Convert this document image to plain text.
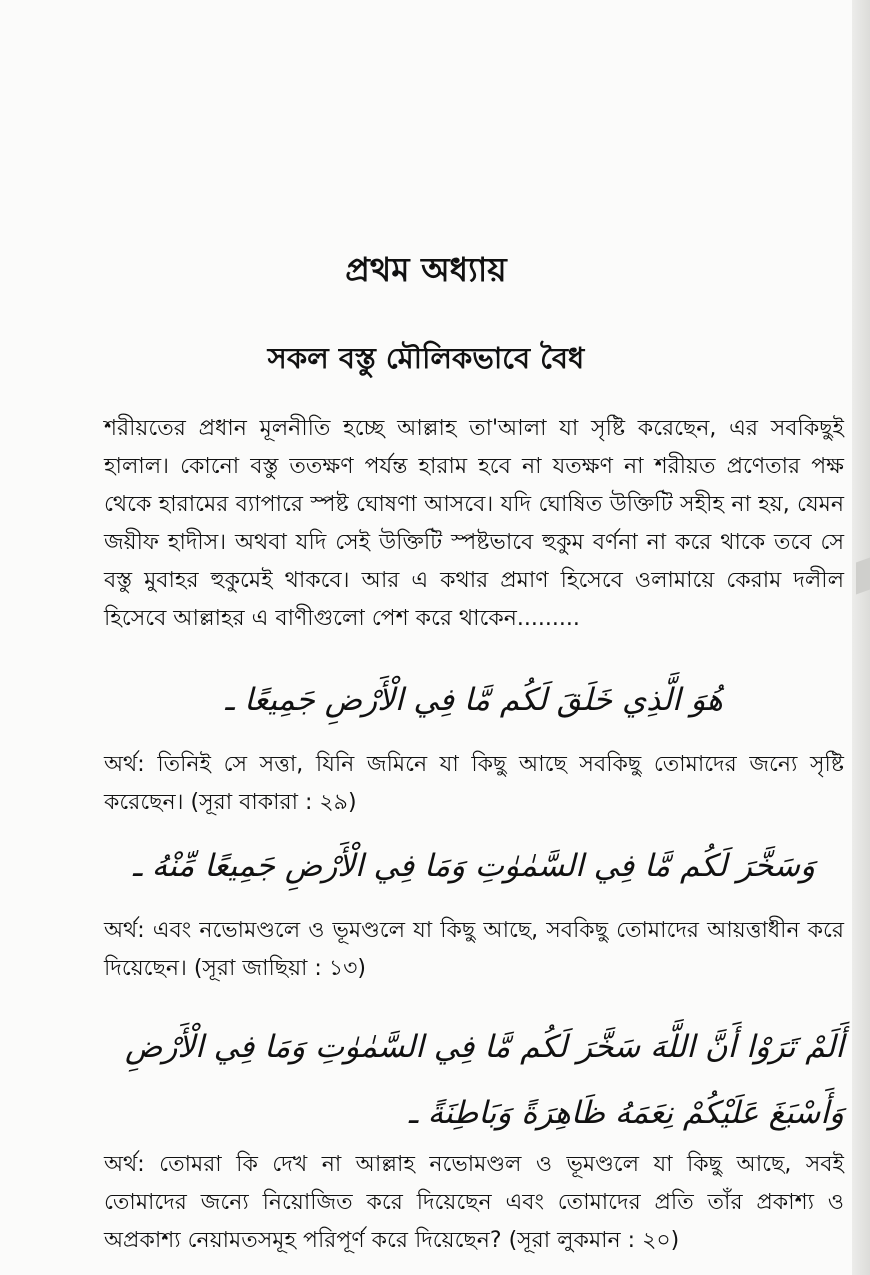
প্রথম অধ্যায়
সকল বস্তু মৌলিকভাবে বৈধ
শরীয়তের প্রধান মূলনীতি হচ্ছে আল্লাহ তা'আলা যা সৃষ্টি করেছেন, এর সবকিছুই হালাল। কোনো বস্তু ততক্ষণ পর্যন্ত হারাম হবে না যতক্ষণ না শরীয়ত প্রণেতার পক্ষ থেকে হারামের ব্যাপারে স্পষ্ট ঘোষণা আসবে। যদি ঘোষিত উক্তিটি সহীহ না হয়, যেমন জয়ীফ হাদীস। অথবা যদি সেই উক্তিটি স্পষ্টভাবে হুকুম বর্ণনা না করে থাকে তবে সে বস্তু মুবাহর হুকুমেই থাকবে। আর এ কথার প্রমাণ হিসেবে ওলামায়ে কেরাম দলীল হিসেবে আল্লাহর এ বাণীগুলো পেশ করে থাকেন.........
هُوَ الَّذِي خَلَقَ لَكُم مَّا فِي الْأَرْضِ جَمِيعًا ـ
অর্থ: তিনিই সে সত্তা, যিনি জমিনে যা কিছু আছে সবকিছু তোমাদের জন্যে সৃষ্টি করেছেন। (সূরা বাকারা : ২৯)
وَسَخَّرَ لَكُم مَّا فِي السَّمٰوٰتِ وَمَا فِي الْأَرْضِ جَمِيعًا مِّنْهُ ـ
অর্থ: এবং নভোমণ্ডলে ও ভূমণ্ডলে যা কিছু আছে, সবকিছু তোমাদের আয়ত্তাধীন করে দিয়েছেন। (সূরা জাছিয়া : ১৩)
أَلَمْ تَرَوْا أَنَّ اللَّهَ سَخَّرَ لَكُم مَّا فِي السَّمٰوٰتِ وَمَا فِي الْأَرْضِ وَأَسْبَغَ عَلَيْكُمْ نِعَمَهُ ظَاهِرَةً وَبَاطِنَةً ـ
অর্থ: তোমরা কি দেখ না আল্লাহ নভোমণ্ডল ও ভূমণ্ডলে যা কিছু আছে, সবই তোমাদের জন্যে নিয়োজিত করে দিয়েছেন এবং তোমাদের প্রতি তাঁর প্রকাশ্য ও অপ্রকাশ্য নেয়ামতসমূহ পরিপূর্ণ করে দিয়েছেন? (সূরা লুকমান : ২০)
